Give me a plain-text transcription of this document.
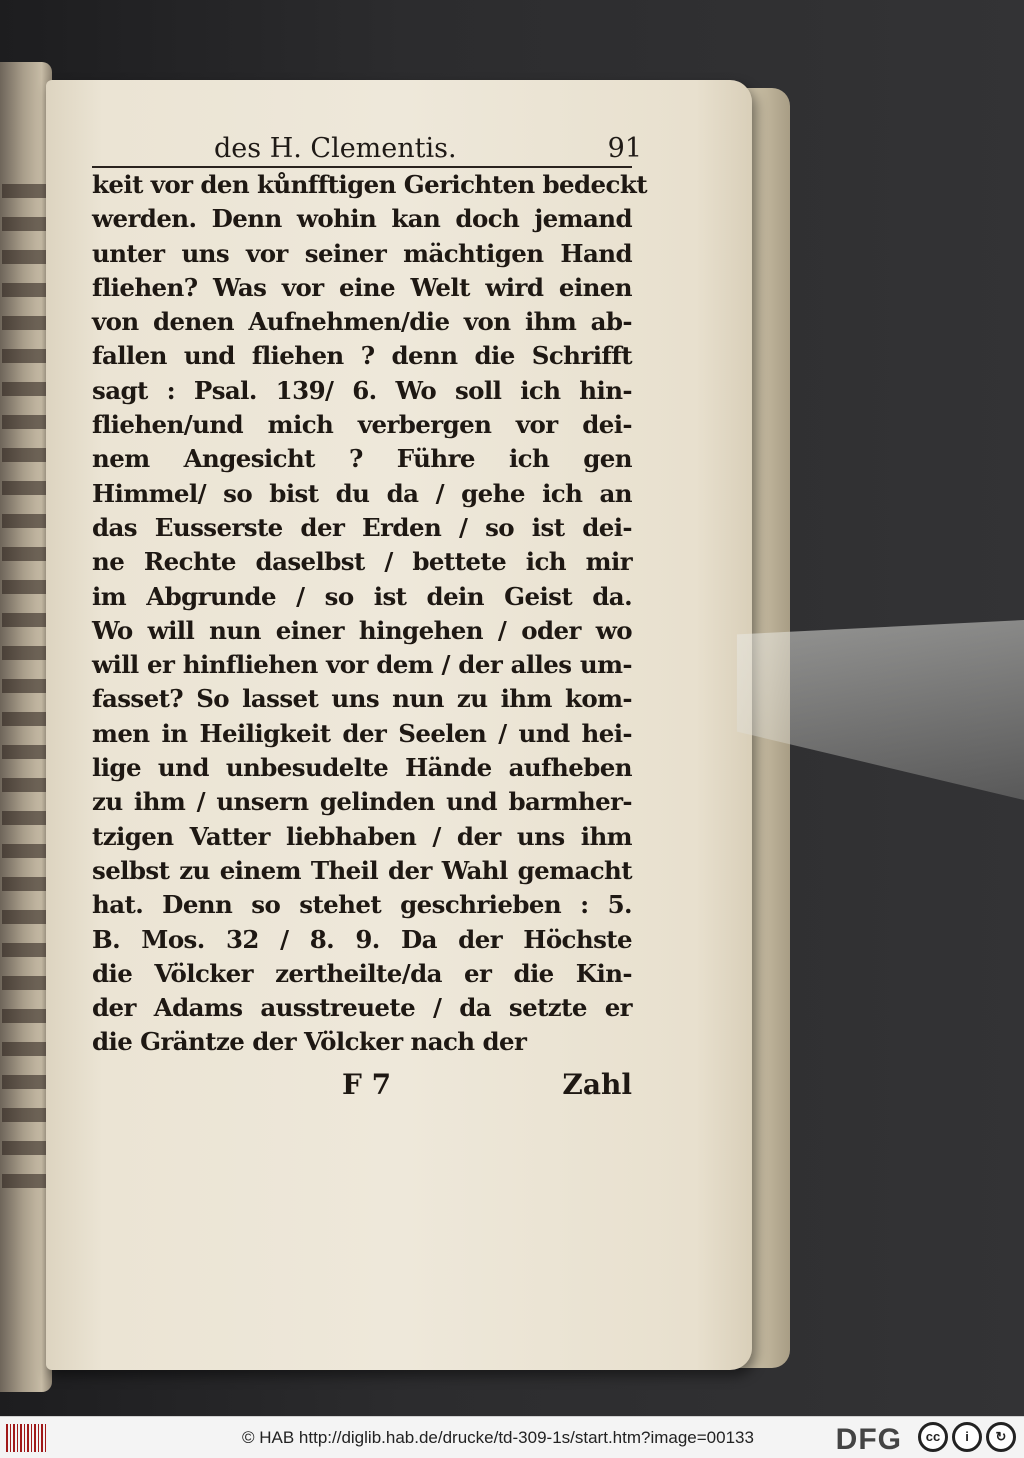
des H. Clementis.	91
keit vor den kůnfftigen Gerichten bedeckt
werden. Denn wohin kan doch jemand
unter uns vor seiner mächtigen Hand
fliehen? Was vor eine Welt wird einen
von denen Aufnehmen/die von ihm ab-
fallen und fliehen ? denn die Schrifft
sagt : Psal. 139/ 6. Wo soll ich hin-
fliehen/und mich verbergen vor dei-
nem Angesicht ? Führe ich gen
Himmel/ so bist du da / gehe ich an
das Eusserste der Erden / so ist dei-
ne Rechte daselbst / bettete ich mir
im Abgrunde / so ist dein Geist da.
Wo will nun einer hingehen / oder wo
will er hinfliehen vor dem / der alles um-
fasset? So lasset uns nun zu ihm kom-
men in Heiligkeit der Seelen / und hei-
lige und unbesudelte Hände aufheben
zu ihm / unsern gelinden und barmher-
tzigen Vatter liebhaben / der uns ihm
selbst zu einem Theil der Wahl gemacht
hat. Denn so stehet geschrieben : 5.
B. Mos. 32 / 8. 9. Da der Höchste
die Völcker zertheilte/da er die Kin-
der Adams ausstreuete / da setzte er
die Gräntze der Völcker nach der
F 7	Zahl
© HAB http://diglib.hab.de/drucke/td-309-1s/start.htm?image=00133	DFG	cc	i	↻
